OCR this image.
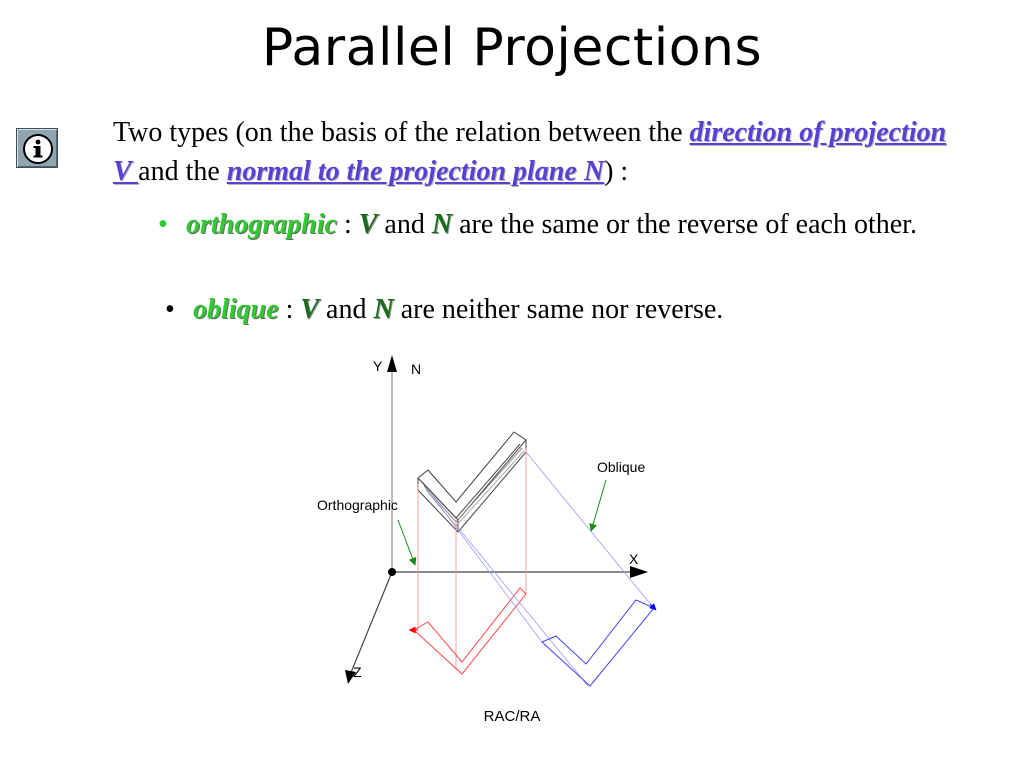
Parallel Projections
Two types (on the basis of the relation between the direction of projection V and the normal to the projection plane N) :
• orthographic : V and N are the same or the reverse of each other.
• oblique : V and N are neither same nor reverse.
Y N
X
Z
Orthographic
Oblique
RAC/RA
